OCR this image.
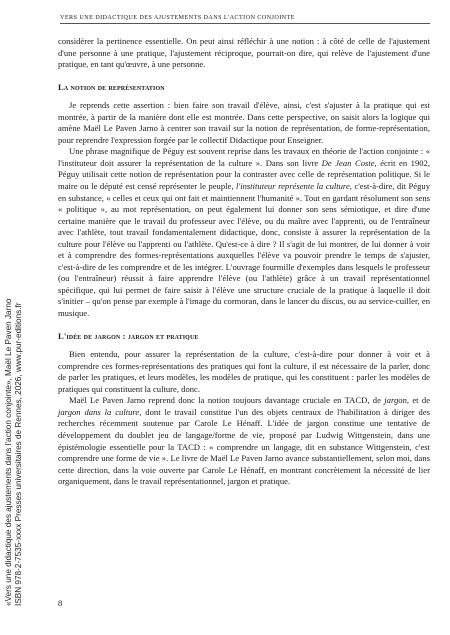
VERS UNE DIDACTIQUE DES AJUSTEMENTS DANS L'ACTION CONJOINTE

considérer la pertinence essentielle. On peut ainsi réfléchir à une notion : à côté de celle de l'ajustement d'une personne à une pratique, l'ajustement réciproque, pourrait-on dire, qui relève de l'ajustement d'une pratique, en tant qu'œuvre, à une personne.

La notion de représentation

Je reprends cette assertion : bien faire son travail d'élève, ainsi, c'est s'ajuster à la pratique qui est montrée, à partir de la manière dont elle est montrée. Dans cette perspective, on saisit alors la logique qui amène Maël Le Paven Jarno à centrer son travail sur la notion de représentation, de forme-représentation, pour reprendre l'expression forgée par le collectif Didactique pour Enseigner.

Une phrase magnifique de Péguy est souvent reprise dans les travaux en théorie de l'action conjointe : « l'instituteur doit assurer la représentation de la culture ». Dans son livre De Jean Coste, écrit en 1902, Péguy utilisait cette notion de représentation pour la contraster avec celle de représentation politique. Si le maire ou le député est censé représenter le peuple, l'instituteur représente la culture, c'est-à-dire, dit Péguy en substance, « celles et ceux qui ont fait et maintiennent l'humanité ». Tout en gardant résolument son sens « politique », au mot représentation, on peut également lui donner son sens sémiotique, et dire d'une certaine manière que le travail du professeur avec l'élève, ou du maître avec l'apprenti, ou de l'entraîneur avec l'athlète, tout travail fondamentalement didactique, donc, consiste à assurer la représentation de la culture pour l'élève ou l'apprenti ou l'athlète. Qu'est-ce à dire ? Il s'agit de lui montrer, de lui donner à voir et à comprendre des formes-représentations auxquelles l'élève va pouvoir prendre le temps de s'ajuster, c'est-à-dire de les comprendre et de les intégrer. L'ouvrage fourmille d'exemples dans lesquels le professeur (ou l'entraîneur) réussit à faire apprendre l'élève (ou l'athlète) grâce à un travail représentationnel spécifique, qui lui permet de faire saisir à l'élève une structure cruciale de la pratique à laquelle il doit s'initier – qu'on pense par exemple à l'image du cormoran, dans le lancer du discus, ou au service-cuiller, en musique.

L'idée de jargon : jargon et pratique

Bien entendu, pour assurer la représentation de la culture, c'est-à-dire pour donner à voir et à comprendre ces formes-représentations des pratiques qui font la culture, il est nécessaire de la parler, donc de parler les pratiques, et leurs modèles, les modèles de pratique, qui les constituent : parler les modèles de pratiques qui constituent la culture, donc.

Maël Le Paven Jarno reprend donc la notion toujours davantage cruciale en TACD, de jargon, et de jargon dans la culture, dont le travail constitue l'un des objets centraux de l'habilitation à diriger des recherches récemment soutenue par Carole Le Hénaff. L'idée de jargon constitue une tentative de développement du doublet jeu de langage/forme de vie, proposé par Ludwig Wittgenstein, dans une épistémologie essentielle pour la TACD : « comprendre un langage, dit en substance Wittgenstein, c'est comprendre une forme de vie ». Le livre de Maël Le Paven Jarno avance substantiellement, selon moi, dans cette direction, dans la voie ouverte par Carole Le Hénaff, en montrant concrètement la nécessité de lier organiquement, dans le travail représentationnel, jargon et pratique.

«Vers une didactique des ajustements dans l'action conjointe», Maël Le Paven Jarno ISBN 978-2-7535-xxxx Presses universitaires de Rennes, 2026, www.pur-editions.fr	8
